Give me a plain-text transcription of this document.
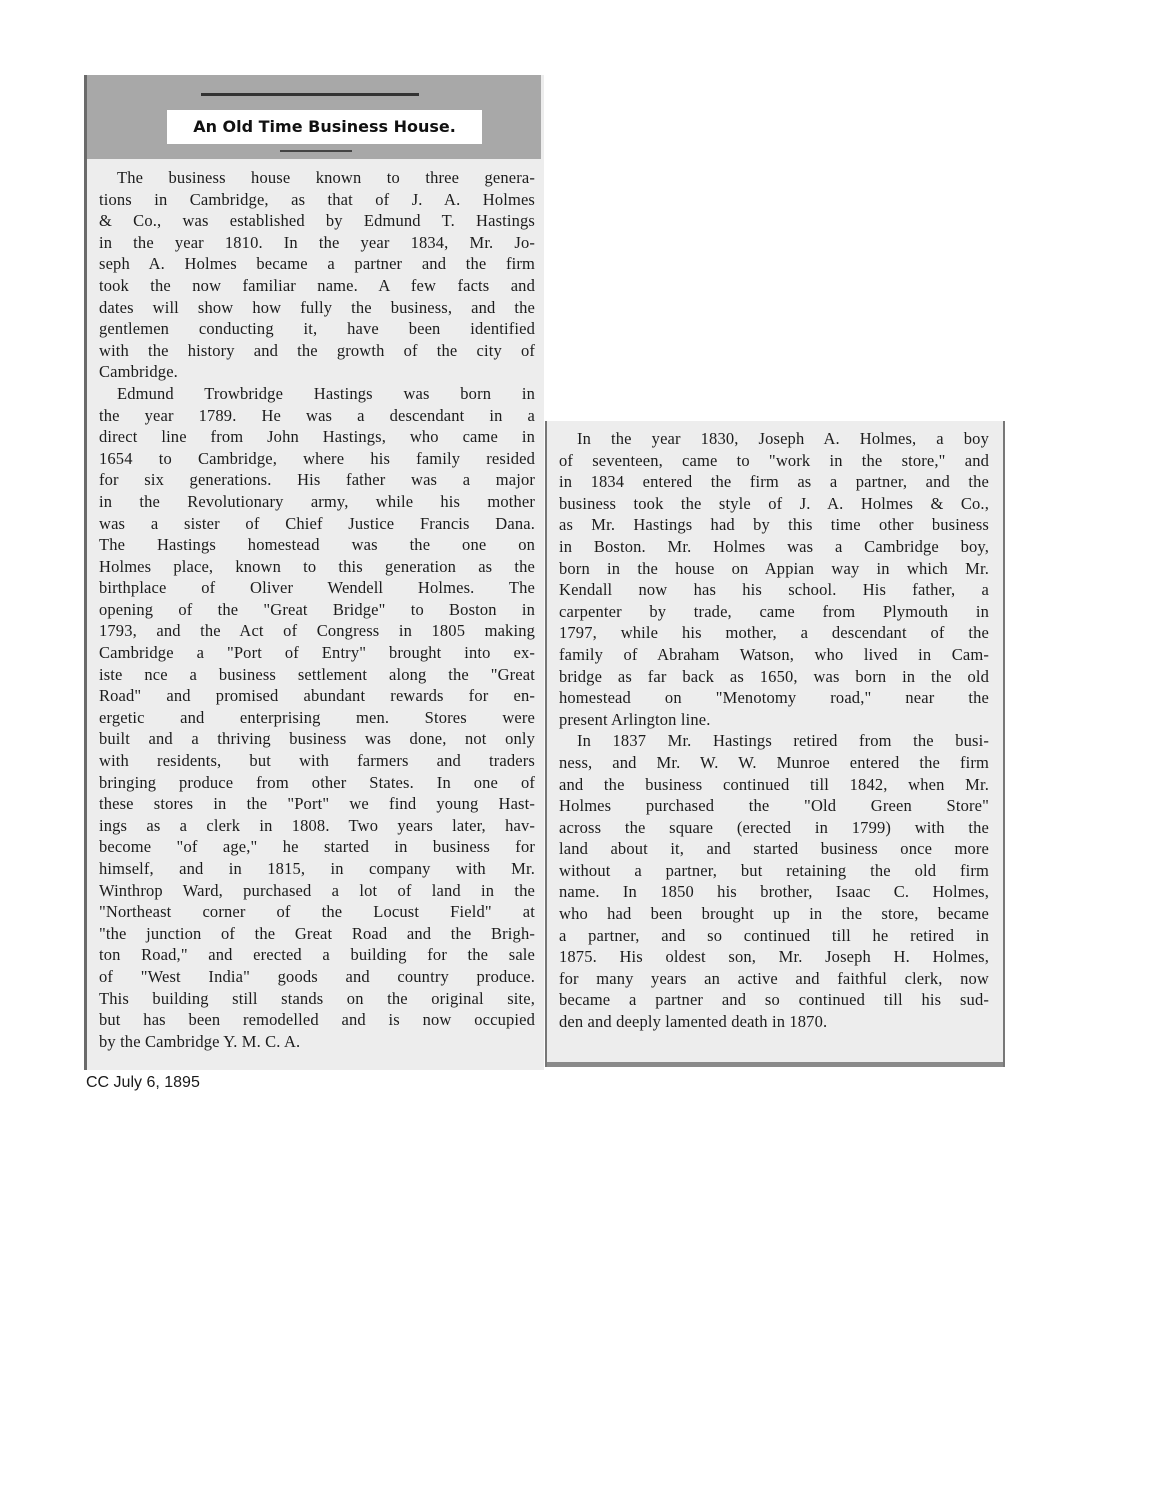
An Old Time Business House.
The business house known to three genera-
tions in Cambridge, as that of J. A. Holmes
& Co., was established by Edmund T. Hastings
in the year 1810. In the year 1834, Mr. Jo-
seph A. Holmes became a partner and the firm
took the now familiar name. A few facts and
dates will show how fully the business, and the
gentlemen conducting it, have been identified
with the history and the growth of the city of
Cambridge.
Edmund Trowbridge Hastings was born in
the year 1789. He was a descendant in a
direct line from John Hastings, who came in
1654 to Cambridge, where his family resided
for six generations. His father was a major
in the Revolutionary army, while his mother
was a sister of Chief Justice Francis Dana.
The Hastings homestead was the one on
Holmes place, known to this generation as the
birthplace of Oliver Wendell Holmes. The
opening of the "Great Bridge" to Boston in
1793, and the Act of Congress in 1805 making
Cambridge a "Port of Entry" brought into ex-
iste nce a business settlement along the "Great
Road" and promised abundant rewards for en-
ergetic and enterprising men. Stores were
built and a thriving business was done, not only
with residents, but with farmers and traders
bringing produce from other States. In one of
these stores in the "Port" we find young Hast-
ings as a clerk in 1808. Two years later, hav-
become "of age," he started in business for
himself, and in 1815, in company with Mr.
Winthrop Ward, purchased a lot of land in the
"Northeast corner of the Locust Field" at
"the junction of the Great Road and the Brigh-
ton Road," and erected a building for the sale
of "West India" goods and country produce.
This building still stands on the original site,
but has been remodelled and is now occupied
by the Cambridge Y. M. C. A.
In the year 1830, Joseph A. Holmes, a boy
of seventeen, came to "work in the store," and
in 1834 entered the firm as a partner, and the
business took the style of J. A. Holmes & Co.,
as Mr. Hastings had by this time other business
in Boston. Mr. Holmes was a Cambridge boy,
born in the house on Appian way in which Mr.
Kendall now has his school. His father, a
carpenter by trade, came from Plymouth in
1797, while his mother, a descendant of the
family of Abraham Watson, who lived in Cam-
bridge as far back as 1650, was born in the old
homestead on "Menotomy road," near the
present Arlington line.
In 1837 Mr. Hastings retired from the busi-
ness, and Mr. W. W. Munroe entered the firm
and the business continued till 1842, when Mr.
Holmes purchased the "Old Green Store"
across the square (erected in 1799) with the
land about it, and started business once more
without a partner, but retaining the old firm
name. In 1850 his brother, Isaac C. Holmes,
who had been brought up in the store, became
a partner, and so continued till he retired in
1875. His oldest son, Mr. Joseph H. Holmes,
for many years an active and faithful clerk, now
became a partner and so continued till his sud-
den and deeply lamented death in 1870.

CC July 6, 1895
